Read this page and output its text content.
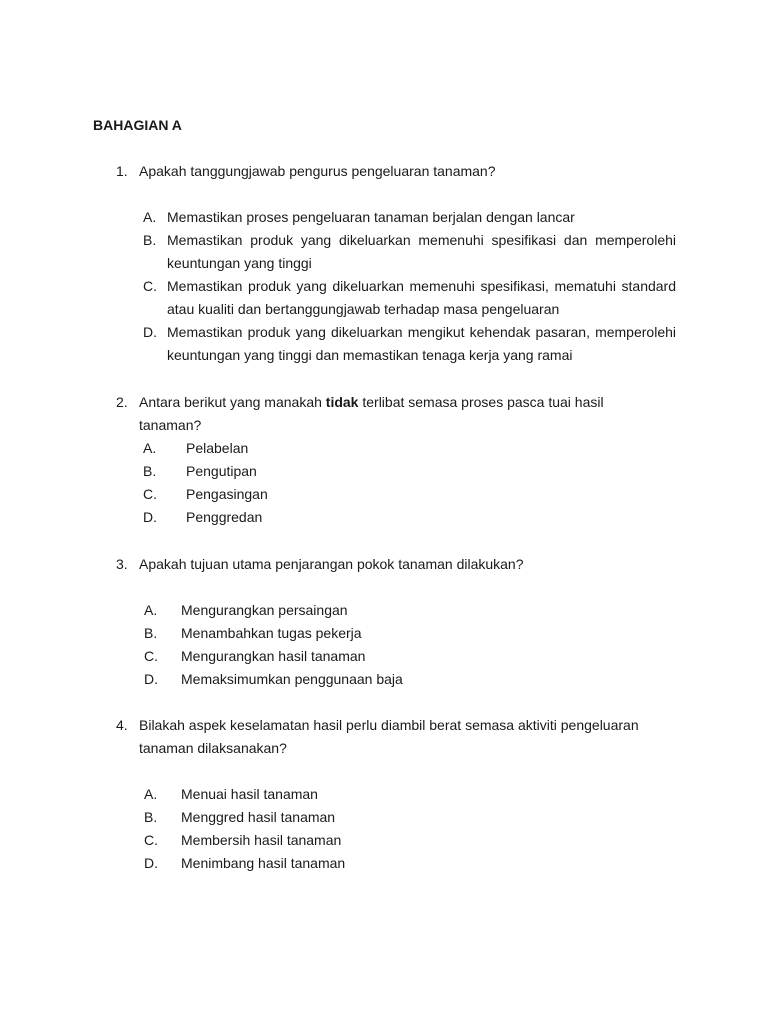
BAHAGIAN A
1. Apakah tanggungjawab pengurus pengeluaran tanaman?
A. Memastikan proses pengeluaran tanaman berjalan dengan lancar
B. Memastikan produk yang dikeluarkan memenuhi spesifikasi dan memperolehi
keuntungan yang tinggi
C. Memastikan produk yang dikeluarkan memenuhi spesifikasi, mematuhi standard
atau kualiti dan bertanggungjawab terhadap masa pengeluaran
D. Memastikan produk yang dikeluarkan mengikut kehendak pasaran, memperolehi
keuntungan yang tinggi dan memastikan tenaga kerja yang ramai
2. Antara berikut yang manakah tidak terlibat semasa proses pasca tuai hasil
tanaman?
A.	Pelabelan
B.	Pengutipan
C.	Pengasingan
D.	Penggredan
3. Apakah tujuan utama penjarangan pokok tanaman dilakukan?
A.	Mengurangkan persaingan
B.	Menambahkan tugas pekerja
C.	Mengurangkan hasil tanaman
D.	Memaksimumkan penggunaan baja
4. Bilakah aspek keselamatan hasil perlu diambil berat semasa aktiviti pengeluaran
tanaman dilaksanakan?
A.	Menuai hasil tanaman
B.	Menggred hasil tanaman
C.	Membersih hasil tanaman
D.	Menimbang hasil tanaman
